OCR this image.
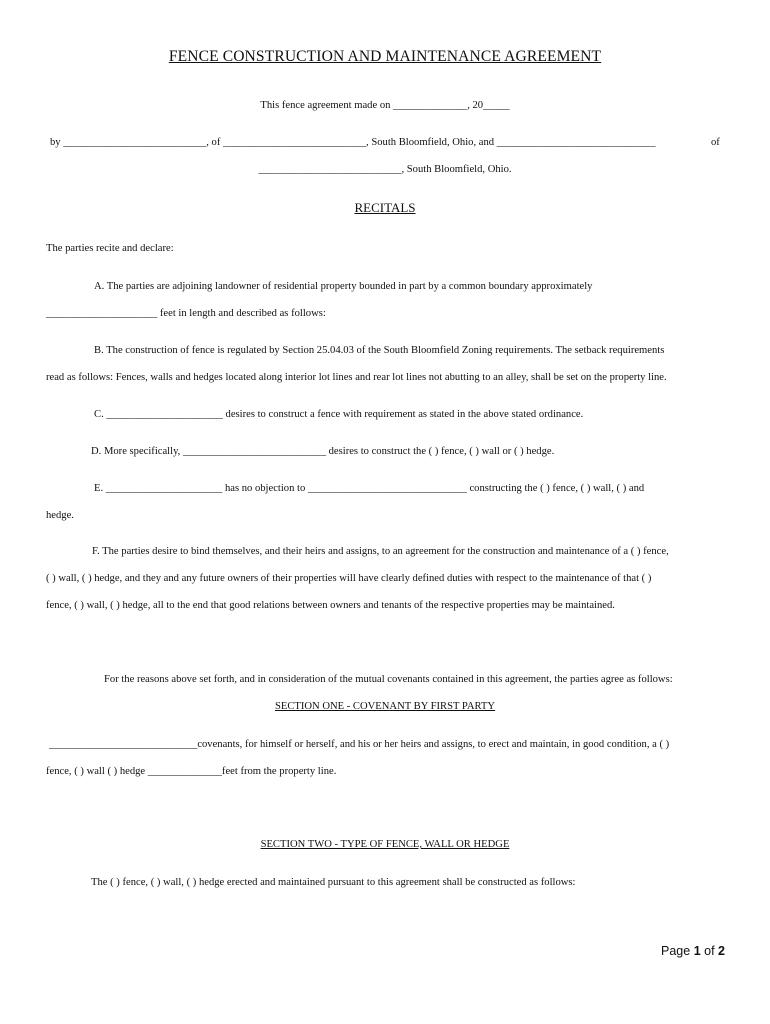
FENCE CONSTRUCTION AND MAINTENANCE AGREEMENT
This fence agreement made on ______________, 20_____
by ___________________________, of ___________________________, South Bloomfield, Ohio, and ______________________________	of
___________________________, South Bloomfield, Ohio.
RECITALS
The parties recite and declare:
A. The parties are adjoining landowner of residential property bounded in part by a common boundary approximately
_____________________ feet in length and described as follows:
B. The construction of fence is regulated by Section 25.04.03 of the South Bloomfield Zoning requirements. The setback requirements
read as follows: Fences, walls and hedges located along interior lot lines and rear lot lines not abutting to an alley, shall be set on the property line.
C. ______________________ desires to construct a fence with requirement as stated in the above stated ordinance.
D. More specifically, ___________________________ desires to construct the ( ) fence, ( ) wall or ( ) hedge.
E. ______________________ has no objection to ______________________________ constructing the ( ) fence, ( ) wall, ( ) and
hedge.
F. The parties desire to bind themselves, and their heirs and assigns, to an agreement for the construction and maintenance of a ( ) fence,
( ) wall, ( ) hedge, and they and any future owners of their properties will have clearly defined duties with respect to the maintenance of that ( )
fence, ( ) wall, ( ) hedge, all to the end that good relations between owners and tenants of the respective properties may be maintained.
For the reasons above set forth, and in consideration of the mutual covenants contained in this agreement, the parties agree as follows:
SECTION ONE - COVENANT BY FIRST PARTY
____________________________covenants, for himself or herself, and his or her heirs and assigns, to erect and maintain, in good condition, a ( )
fence, ( ) wall ( ) hedge ______________feet from the property line.
SECTION TWO - TYPE OF FENCE, WALL OR HEDGE
The ( ) fence, ( ) wall, ( ) hedge erected and maintained pursuant to this agreement shall be constructed as follows:
Page 1 of 2
